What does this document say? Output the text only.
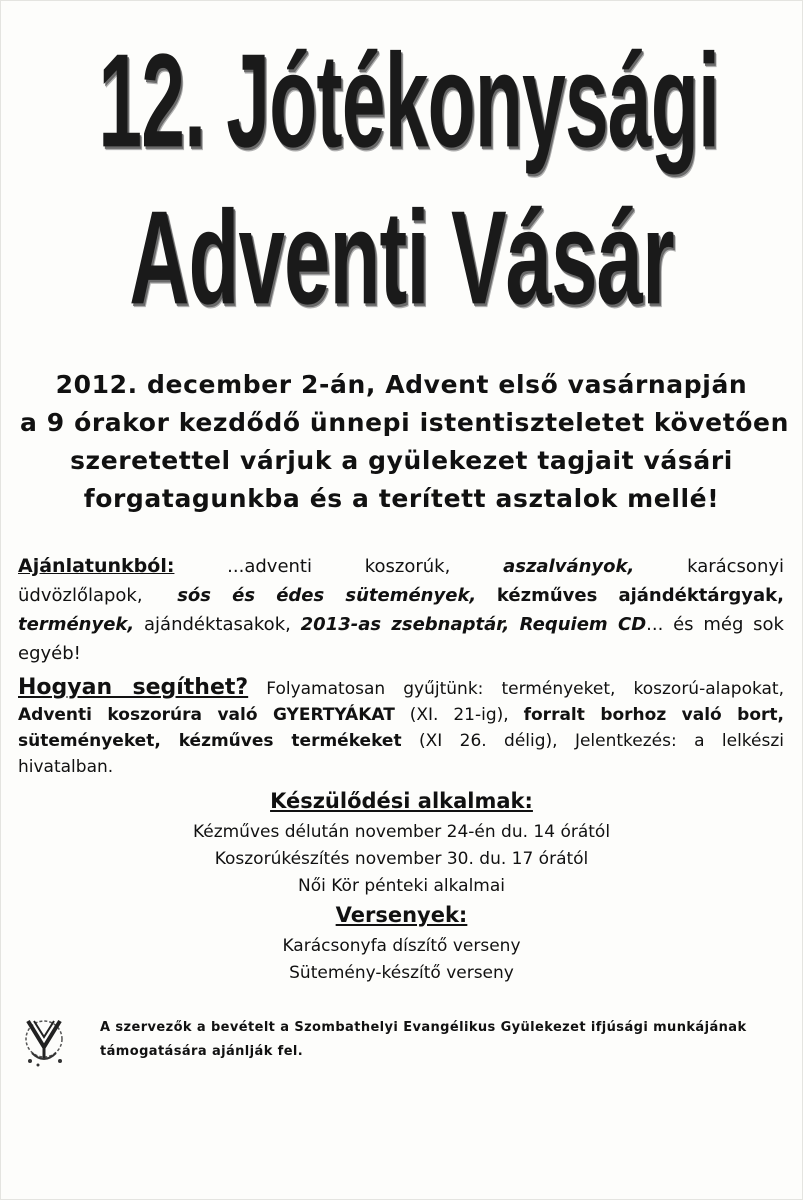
12. Jótékonysági
Adventi Vásár
2012. december 2-án, Advent első vasárnapján
a 9 órakor kezdődő ünnepi istentiszteletet követően
szeretettel várjuk a gyülekezet tagjait vásári
forgatagunkba és a terített asztalok mellé!
Ajánlatunkból: ...adventi koszorúk, aszalványok, karácsonyi üdvözlőlapok, sós és édes sütemények, kézműves ajándéktárgyak, termények, ajándéktasakok, 2013-as zsebnaptár, Requiem CD... és még sok egyéb!
Hogyan segíthet? Folyamatosan gyűjtünk: terményeket, koszorú-alapokat, Adventi koszorúra való GYERTYÁKAT (XI. 21-ig), forralt borhoz való bort, süteményeket, kézműves termékeket (XI 26. délig), Jelentkezés: a lelkészi hivatalban.
Készülődési alkalmak:
Kézműves délután november 24-én du. 14 órától
Koszorúkészítés november 30. du. 17 órától
Női Kör pénteki alkalmai
Versenyek:
Karácsonyfa díszítő verseny
Sütemény-készítő verseny
A szervezők a bevételt a Szombathelyi Evangélikus Gyülekezet ifjúsági munkájának támogatására ajánlják fel.
